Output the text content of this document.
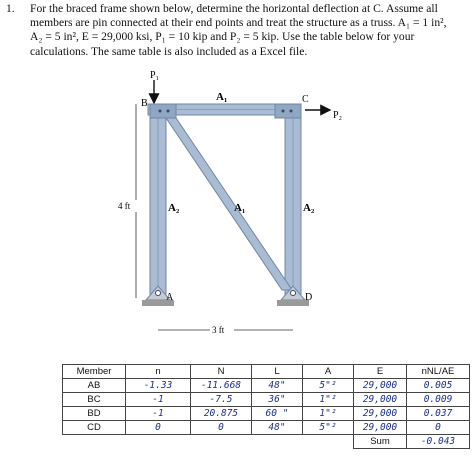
1. For the braced frame shown below, determine the horizontal deflection at C. Assume all
members are pin connected at their end points and treat the structure as a truss. A₁ = 1 in²,
A₂ = 5 in², E = 29,000 ksi, P₁ = 10 kip and P₂ = 5 kip. Use the table below for your
calculations. The same table is also included as a Excel file.
P₁
P₂
B	C
A	D
A₁
A₂	A₁	A₂
4 ft
3 ft
Member	n	N	L	A	E	nNL/AE
AB	-1.33	-11.668	48"	5"²	29,000	0.005
BC	-1	-7.5	36"	1"²	29,000	0.009
BD	-1	20.875	60 "	1"²	29,000	0.037
CD	0	0	48"	5"²	29,000	0
					Sum	-0.043
